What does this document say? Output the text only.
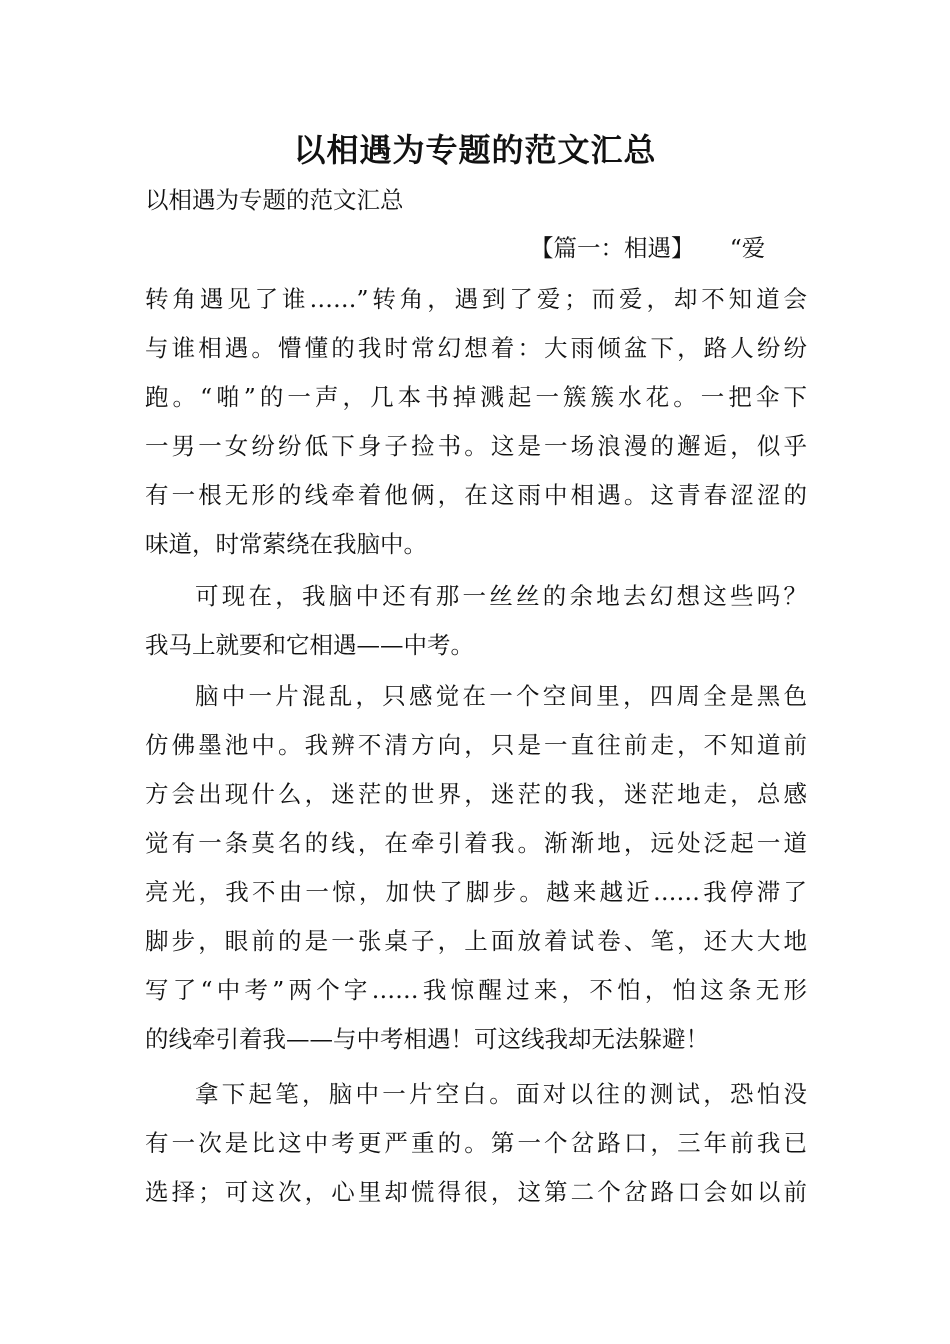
以相遇为专题的范文汇总

以相遇为专题的范文汇总

【篇一：相遇】　　“爱

转角遇见了谁……”转角，遇到了爱；而爱，却不知道会
与谁相遇。懵懂的我时常幻想着：大雨倾盆下，路人纷纷
跑。“啪”的一声，几本书掉溅起一簇簇水花。一把伞下
一男一女纷纷低下身子捡书。这是一场浪漫的邂逅，似乎
有一根无形的线牵着他俩，在这雨中相遇。这青春涩涩的
味道，时常萦绕在我脑中。
可现在，我脑中还有那一丝丝的余地去幻想这些吗？
我马上就要和它相遇——中考。
脑中一片混乱，只感觉在一个空间里，四周全是黑色
仿佛墨池中。我辨不清方向，只是一直往前走，不知道前
方会出现什么，迷茫的世界，迷茫的我，迷茫地走，总感
觉有一条莫名的线，在牵引着我。渐渐地，远处泛起一道
亮光，我不由一惊，加快了脚步。越来越近……我停滞了
脚步，眼前的是一张桌子，上面放着试卷、笔，还大大地
写了“中考”两个字……我惊醒过来，不怕，怕这条无形
的线牵引着我——与中考相遇！可这线我却无法躲避！
拿下起笔，脑中一片空白。面对以往的测试，恐怕没
有一次是比这中考更严重的。第一个岔路口，三年前我已
选择；可这次，心里却慌得很，这第二个岔路口会如以前
